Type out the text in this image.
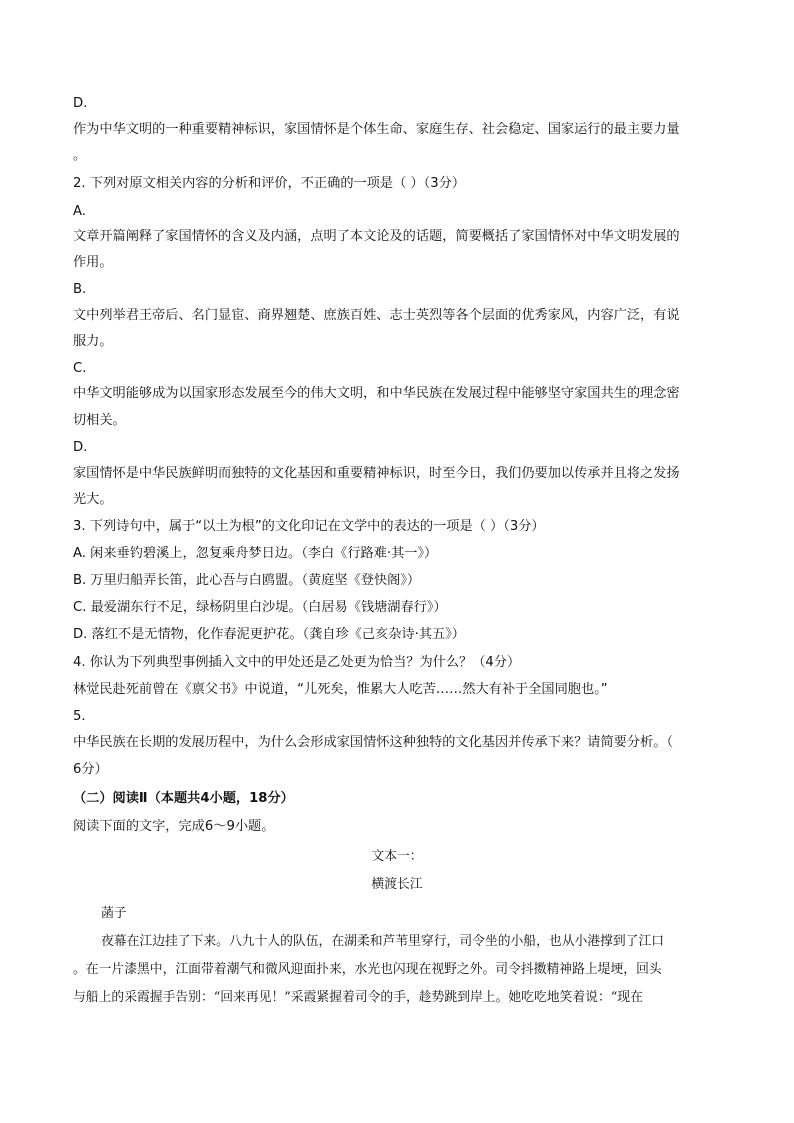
D.

作为中华文明的一种重要精神标识，家国情怀是个体生命、家庭生存、社会稳定、国家运行的最主要力量

。

2. 下列对原文相关内容的分析和评价，不正确的一项是（ ）（3分）

A.

文章开篇阐释了家国情怀的含义及内涵，点明了本文论及的话题，简要概括了家国情怀对中华文明发展的

作用。

B.

文中列举君王帝后、名门显宦、商界翘楚、庶族百姓、志士英烈等各个层面的优秀家风，内容广泛，有说

服力。

C.

中华文明能够成为以国家形态发展至今的伟大文明，和中华民族在发展过程中能够坚守家国共生的理念密

切相关。

D.

家国情怀是中华民族鲜明而独特的文化基因和重要精神标识，时至今日，我们仍要加以传承并且将之发扬

光大。

3. 下列诗句中，属于“以土为根”的文化印记在文学中的表达的一项是（ ）（3分）

A. 闲来垂钓碧溪上，忽复乘舟梦日边。（李白《行路难·其一》）

B. 万里归船弄长笛，此心吾与白鸥盟。（黄庭坚《登快阁》）

C. 最爱湖东行不足，绿杨阴里白沙堤。（白居易《钱塘湖春行》）

D. 落红不是无情物，化作春泥更护花。（龚自珍《己亥杂诗·其五》）

4. 你认为下列典型事例插入文中的甲处还是乙处更为恰当？为什么？（4分）

林觉民赴死前曾在《禀父书》中说道，“儿死矣，惟累大人吃苦……然大有补于全国同胞也。”

5.

中华民族在长期的发展历程中，为什么会形成家国情怀这种独特的文化基因并传承下来？请简要分析。（

6分）

（二）阅读Ⅱ（本题共4小题，18分）

阅读下面的文字，完成6～9小题。

文本一：

横渡长江

菡子

夜幕在江边挂了下来。八九十人的队伍，在湖柔和芦苇里穿行，司令坐的小船，也从小港撑到了江口

。在一片漆黑中，江面带着潮气和微风迎面扑来，水光也闪现在视野之外。司令抖擞精神路上堤埂，回头

与船上的采霞握手告别：“回来再见！”采霞紧握着司令的手，趁势跳到岸上。她吃吃地笑着说：“现在
